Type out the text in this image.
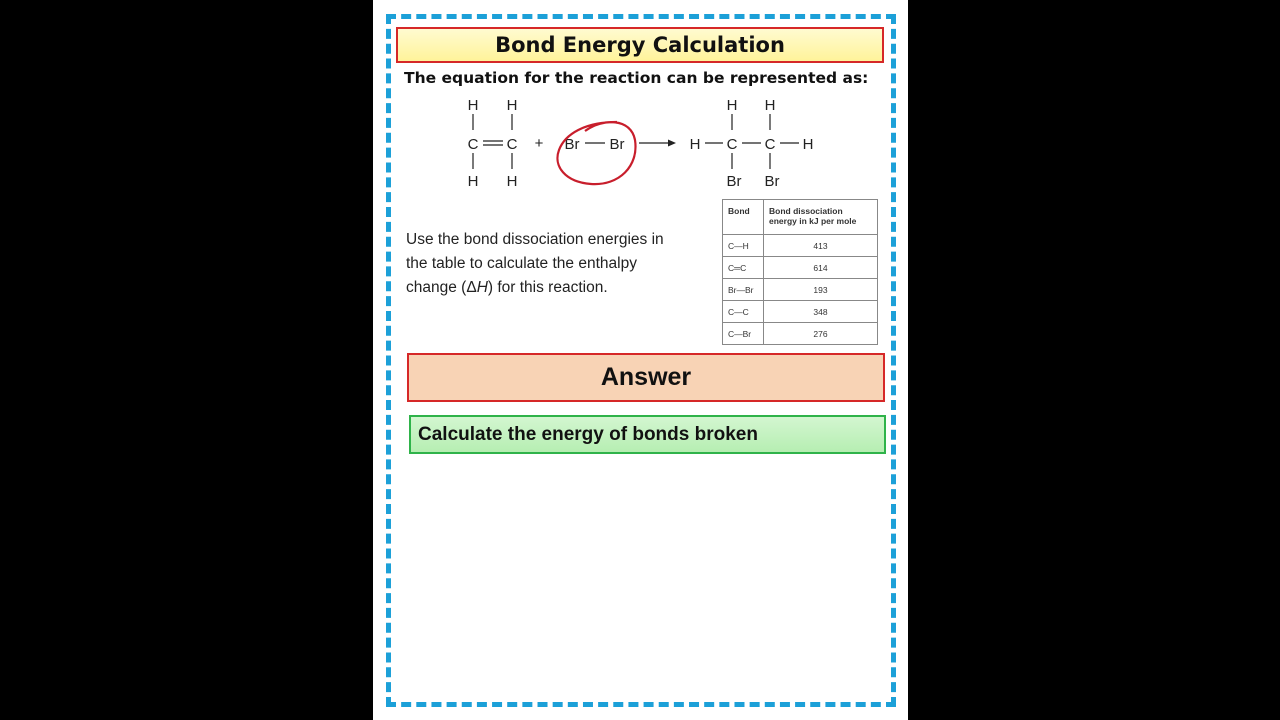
Bond Energy Calculation
The equation for the reaction can be represented as:
H H
C C
H H
+ Br Br
H H
H C C H
Br Br
Use the bond dissociation energies in
the table to calculate the enthalpy
change (ΔH) for this reaction.
Bond	Bond dissociation energy in kJ per mole
C—H	413
C═C	614
Br—Br	193
C—C	348
C—Br	276
Answer
Calculate the energy of bonds broken
